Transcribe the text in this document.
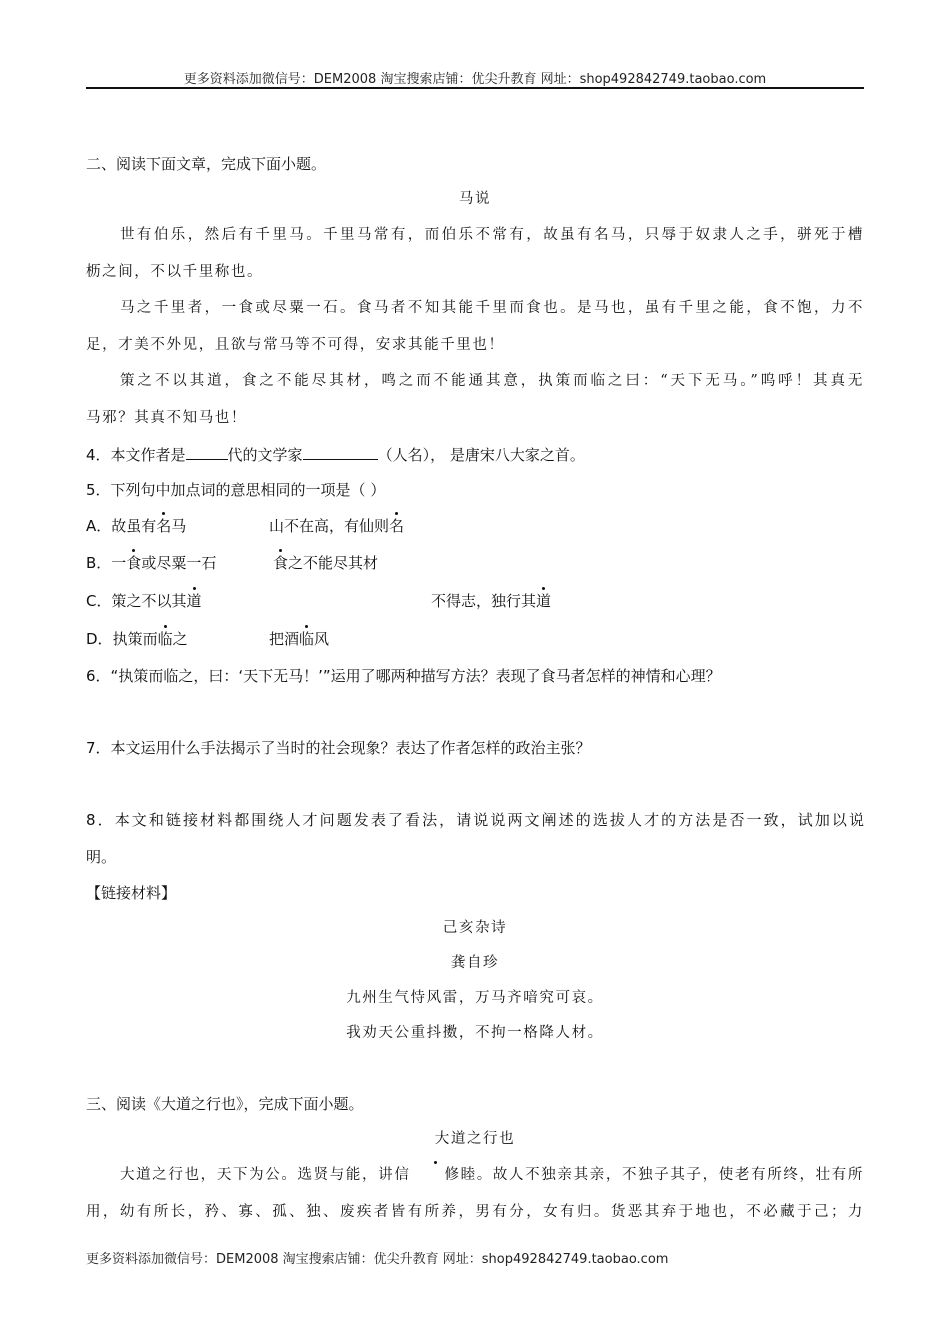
更多资料添加微信号：DEM2008 淘宝搜索店铺：优尖升教育 网址：shop492842749.taobao.com
二、阅读下面文章，完成下面小题。
马说
世有伯乐，然后有千里马。千里马常有，而伯乐不常有，故虽有名马，只辱于奴隶人之手，骈死于槽
枥之间，不以千里称也。
马之千里者，一食或尽粟一石。食马者不知其能千里而食也。是马也，虽有千里之能，食不饱，力不
足，才美不外见，且欲与常马等不可得，安求其能千里也！
策之不以其道，食之不能尽其材，鸣之而不能通其意，执策而临之曰：“天下无马。”呜呼！其真无
马邪？其真不知马也！
4．本文作者是	代的文学家	（人名）， 是唐宋八大家之首。
5．下列句中加点词的意思相同的一项是（ ）
A．故虽有名马	山不在高，有仙则名
B．一食或尽粟一石	食之不能尽其材
C．策之不以其道	不得志，独行其道
D．执策而临之	把酒临风
6．“执策而临之，曰：‘天下无马！’”运用了哪两种描写方法？表现了食马者怎样的神情和心理？
7．本文运用什么手法揭示了当时的社会现象？表达了作者怎样的政治主张？
8．本文和链接材料都围绕人才问题发表了看法，请说说两文阐述的选拔人才的方法是否一致，试加以说
明。
【链接材料】
己亥杂诗
龚自珍
九州生气恃风雷，万马齐喑究可哀。
我劝天公重抖擞，不拘一格降人材。
三、阅读《大道之行也》，完成下面小题。
大道之行也
大道之行也，天下为公。选贤与能，讲信 修睦。故人不独亲其亲，不独子其子，使老有所终，壮有所
用，幼有所长，矜、寡、孤、独、废疾者皆有所养，男有分，女有归。货恶其弃于地也，不必藏于己；力
更多资料添加微信号：DEM2008 淘宝搜索店铺：优尖升教育 网址：shop492842749.taobao.com
